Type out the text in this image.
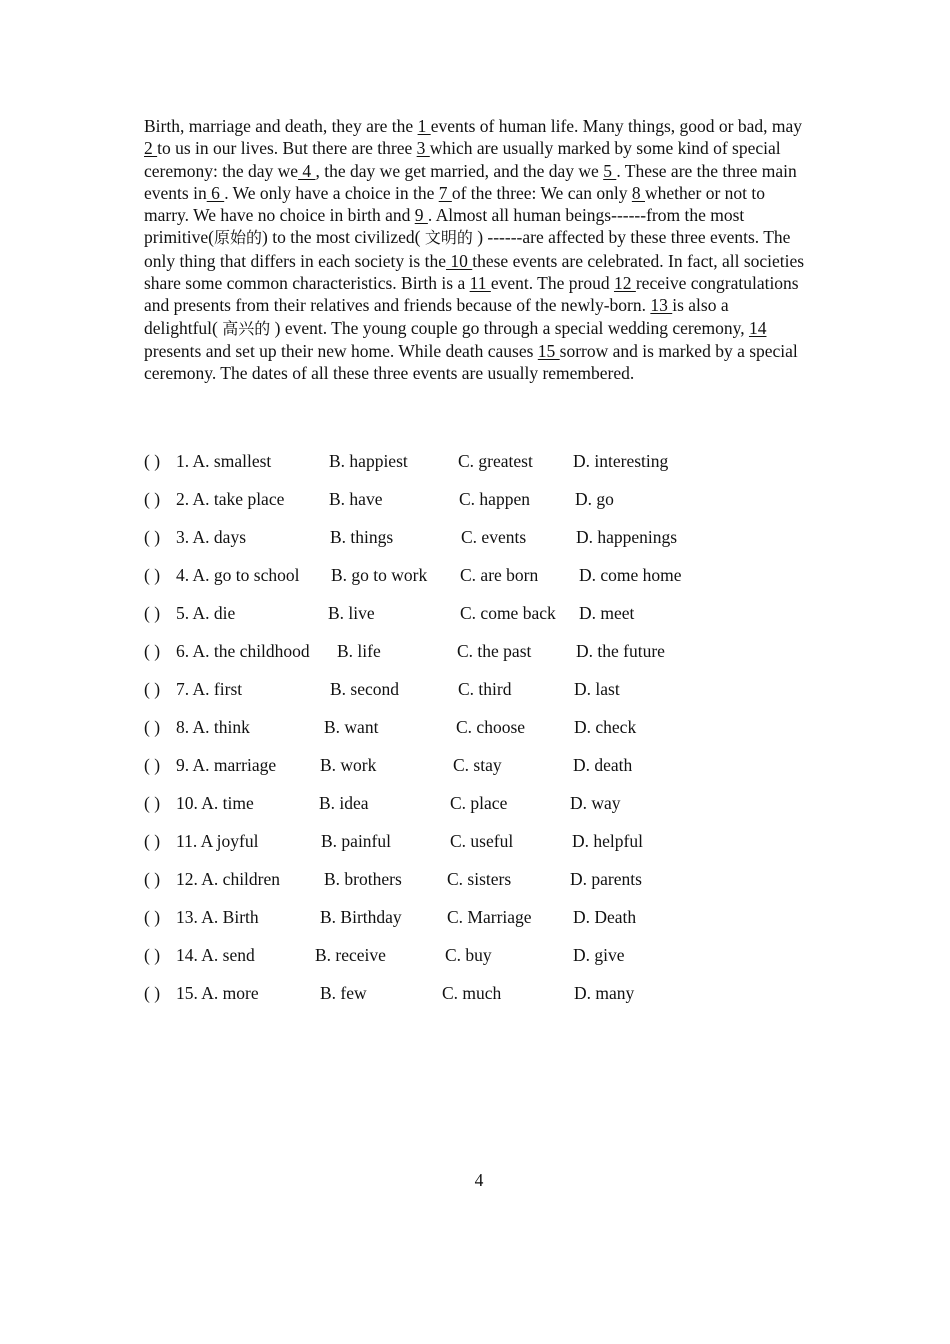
Birth, marriage and death, they are the 1 events of human life. Many things, good or bad, may 2 to us in our lives. But there are three 3 which are usually marked by some kind of special ceremony: the day we 4 , the day we get married, and the day we 5 . These are the three main events in 6 . We only have a choice in the 7 of the three: We can only 8 whether or not to marry. We have no choice in birth and 9 . Almost all human beings------from the most primitive(原始的) to the most civilized( 文明的 ) ------are affected by these three events. The only thing that differs in each society is the 10 these events are celebrated. In fact, all societies share some common characteristics. Birth is a 11 event. The proud 12 receive congratulations and presents from their relatives and friends because of the newly-born. 13 is also a delightful( 高兴的 ) event. The young couple go through a special wedding ceremony, 14 presents and set up their new home. While death causes 15 sorrow and is marked by a special ceremony. The dates of all these three events are usually remembered.

( ) 1. A. smallest	B. happiest	C. greatest D. interesting
( ) 2. A. take place	B. have	C. happen	D. go
( ) 3. A. days	B. things	C. events	D. happenings
( ) 4. A. go to school B. go to work C. are born D. come home
( ) 5. A. die	B. live	C. come back D. meet
( ) 6. A. the childhood B. life	C. the past	D. the future
( ) 7. A. first	B. second	C. third	D. last
( ) 8. A. think	B. want	C. choose	D. check
( ) 9. A. marriage	B. work	C. stay	D. death
( ) 10. A. time	B. idea	C. place	D. way
( ) 11. A joyful	B. painful	C. useful	D. helpful
( ) 12. A. children	B. brothers	C. sisters	D. parents
( ) 13. A. Birth	B. Birthday	C. Marriage D. Death
( ) 14. A. send	B. receive	C. buy	D. give
( ) 15. A. more	B. few	C. much	D. many
4
